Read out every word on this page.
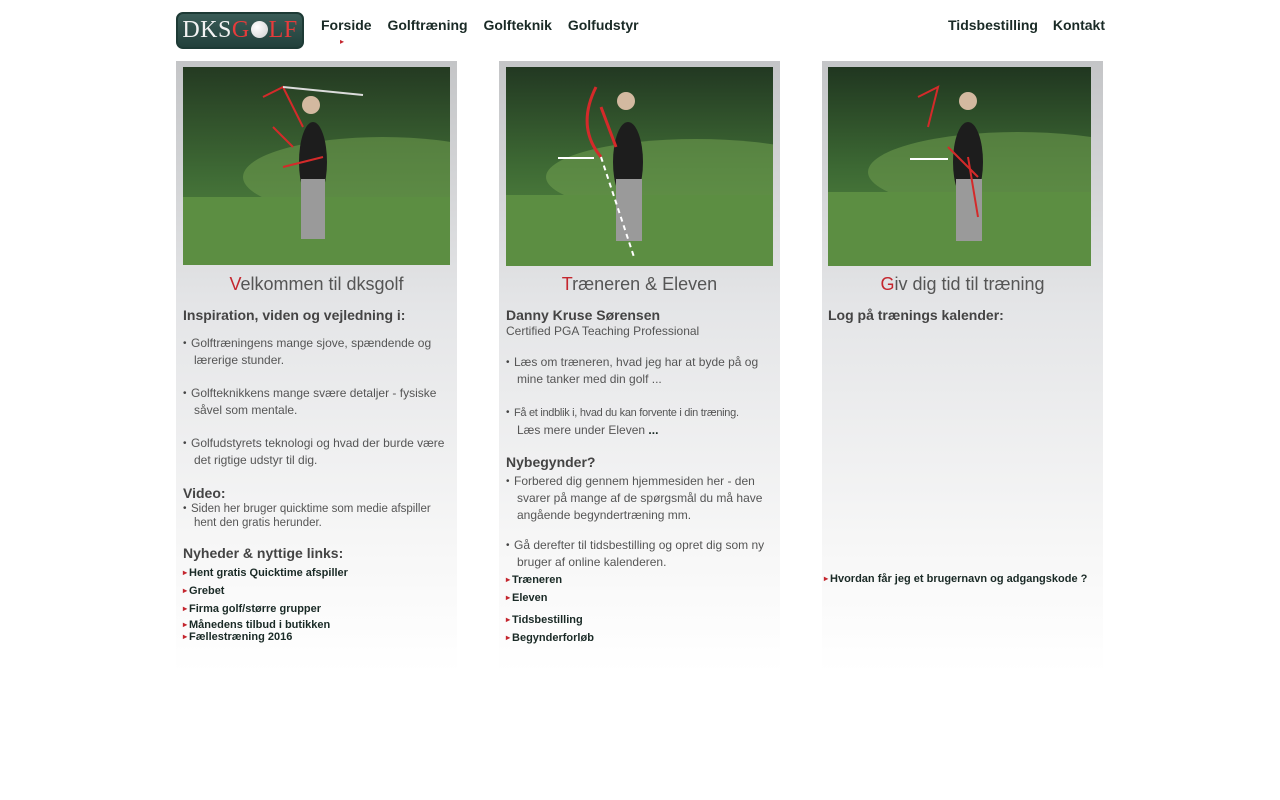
DKS G LF Forside Golftræning Golfteknik Golfudstyr
▸
Tidsbestilling Kontakt
Velkommen til dksgolf
Inspiration, viden og vejledning i:
• Golftræningens mange sjove, spændende og lærerige stunder.
• Golfteknikkens mange svære detaljer - fysiske såvel som mentale.
• Golfudstyrets teknologi og hvad der burde være det rigtige udstyr til dig.
Video:
• Siden her bruger quicktime som medie afspiller hent den gratis herunder.
Nyheder & nyttige links:
▸ Hent gratis Quicktime afspiller
▸ Grebet
▸ Firma golf/større grupper
▸ Månedens tilbud i butikken
▸ Fællestræning 2016
Træneren & Eleven
Danny Kruse Sørensen
Certified PGA Teaching Professional
• Læs om træneren, hvad jeg har at byde på og mine tanker med din golf ...
• Få et indblik i, hvad du kan forvente i din træning.
Læs mere under Eleven ...
Nybegynder?
• Forbered dig gennem hjemmesiden her - den svarer på mange af de spørgsmål du må have angående begyndertræning mm.
• Gå derefter til tidsbestilling og opret dig som ny bruger af online kalenderen.
▸ Træneren
▸ Eleven
▸ Tidsbestilling
▸ Begynderforløb
Giv dig tid til træning
Log på trænings kalender:
▸ Hvordan får jeg et brugernavn og adgangskode ?
